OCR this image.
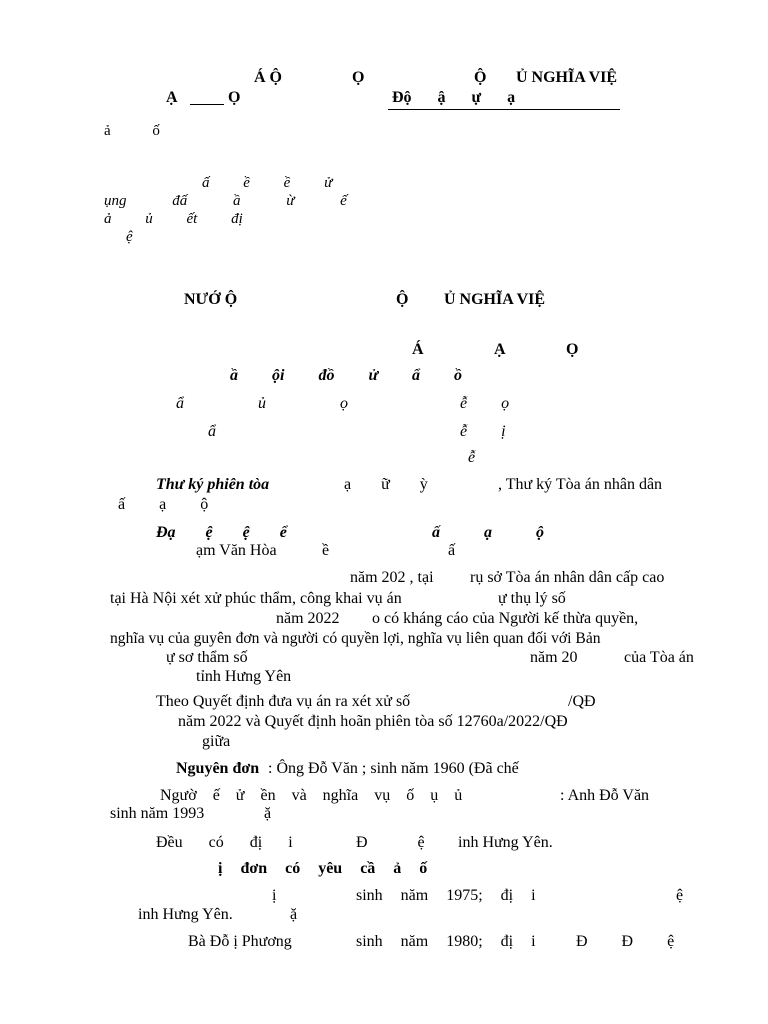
Á Ộ	Ộ Ủ NGHĨA VIỆ
Ọ
Ạ	Ọ	Độ ậ ự ạ
ả ố
ấ ề ề ử
ụng đấ ầ ừ ế
ả ủ ết đị
ệ
NƯỚ Ộ	Ộ Ủ NGHĨA VIỆ
Á	Ạ	Ọ
ầ ội đồ ử ẩ ồ
ẩ ủ ọ	ễ ọ
ẩ	ễ ị
ễ
Thư ký phiên tòa	ạ ữ ỳ	, Thư ký Tòa án nhân dân
ấ ạ ộ
Đạ ệ ệ ể	ấ ạ ộ
ạm Văn Hòa	ề	ấ
năm 202 , tại rụ sở Tòa án nhân dân cấp cao
tại Hà Nội xét xử phúc thẩm, công khai vụ án	ự thụ lý số
năm 2022 o có kháng cáo của Người kế thừa quyền,
nghĩa vụ của guyên đơn và người có quyền lợi, nghĩa vụ liên quan đối với Bản
ự sơ thẩm số	năm 20	của Tòa án
tỉnh Hưng Yên
Theo Quyết định đưa vụ án ra xét xử số	/QĐ
năm 2022 và Quyết định hoãn phiên tòa số 12760a/2022/QĐ
giữa
Nguyên đơn : Ông Đỗ Văn ; sinh năm 1960 (Đã chế
Ngườ ế ử ền và nghĩa vụ ố ụ ủ	: Anh Đỗ Văn
sinh năm 1993	ặ
Đều có đị i	Đ ệ inh Hưng Yên.
ị đơn có yêu cầ ả ố
ị	sinh năm 1975; đị i	ệ
inh Hưng Yên.	ặ
Bà Đỗ ị Phương	sinh năm 1980; đị i	Đ Đ ệ
